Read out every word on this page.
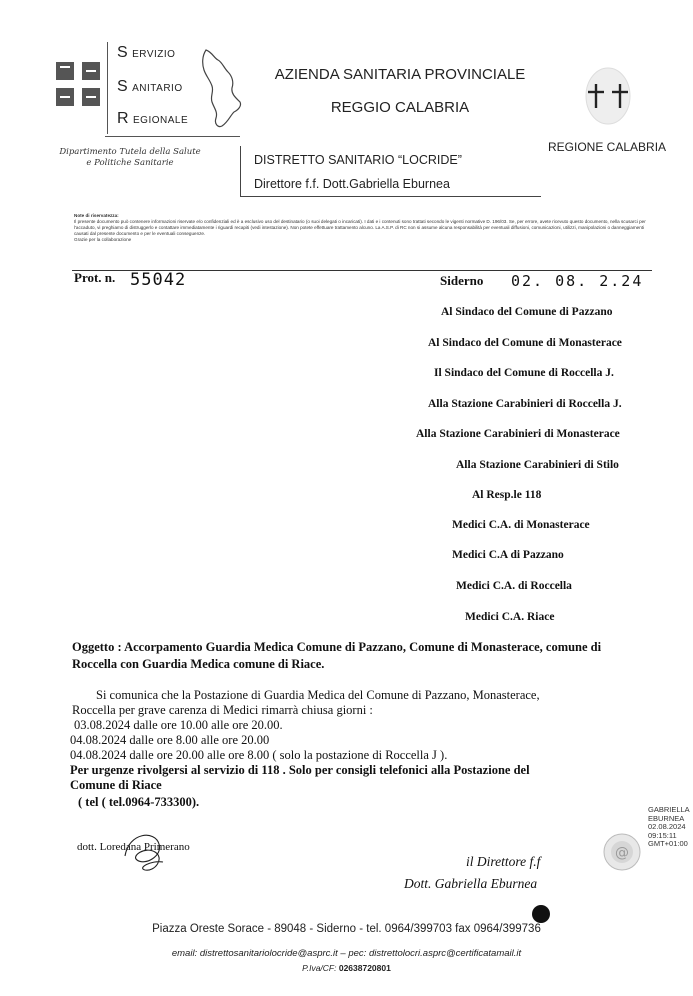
S ERVIZIO
S ANITARIO
R EGIONALE
AZIENDA SANITARIA PROVINCIALE
REGGIO CALABRIA
REGIONE CALABRIA
Dipartimento Tutela della Salute
e Politiche Sanitarie	DISTRETTO SANITARIO “LOCRIDE”
Direttore f.f. Dott.Gabriella Eburnea
Note di riservatezza:
Il presente documento può contenere informazioni riservate e/o confidenziali ed è a esclusivo uso del destinatario (o suoi delegati o incaricati). I dati e i contenuti sono trattati secondo le vigenti normative D. 196/03. Se, per errore, avete ricevuto questo documento, nella scusarci per l'accaduto, vi preghiamo di distruggerlo e contattare immediatamente i riguardi recapiti (vedi intestazione). Non potete effettuare trattamento alcuno. La A.S.P. di RC non si assume alcuna responsabilità per eventuali diffusioni, comunicazioni, utilizzi, manipolazioni o danneggiamenti causati dal presente documento e per le eventuali conseguenze.
Grazie per la collaborazione
Prot. n. 55042	Siderno 02. 08. 2.24
Al Sindaco del Comune di Pazzano
Al Sindaco del Comune di Monasterace
Il Sindaco del Comune di Roccella J.
Alla Stazione Carabinieri di Roccella J.
Alla Stazione Carabinieri di Monasterace
Alla Stazione Carabinieri di Stilo
Al Resp.le 118
Medici C.A. di Monasterace
Medici C.A di Pazzano
Medici C.A. di Roccella
Medici C.A. Riace
Oggetto : Accorpamento Guardia Medica Comune di Pazzano, Comune di Monasterace, comune di Roccella con Guardia Medica comune di Riace.
Si comunica che la Postazione di Guardia Medica del Comune di Pazzano, Monasterace,
Roccella per grave carenza di Medici rimarrà chiusa giorni :
03.08.2024 dalle ore 10.00 alle ore 20.00.
04.08.2024 dalle ore 8.00 alle ore 20.00
04.08.2024 dalle ore 20.00 alle ore 8.00 ( solo la postazione di Roccella J ).
Per urgenze rivolgersi al servizio di 118 . Solo per consigli telefonici alla Postazione del
Comune di Riace
( tel ( tel.0964-733300).
dott. Loredana Primerano
il Direttore f.f
Dott. Gabriella Eburnea
@
GABRIELLA
EBURNEA
02.08.2024
09:15:11
GMT+01:00
Piazza Oreste Sorace - 89048 - Siderno - tel. 0964/399703 fax 0964/399736
email: distrettosanitariolocride@asprc.it – pec: distrettolocri.asprc@certificatamail.it
P.Iva/CF: 02638720801
